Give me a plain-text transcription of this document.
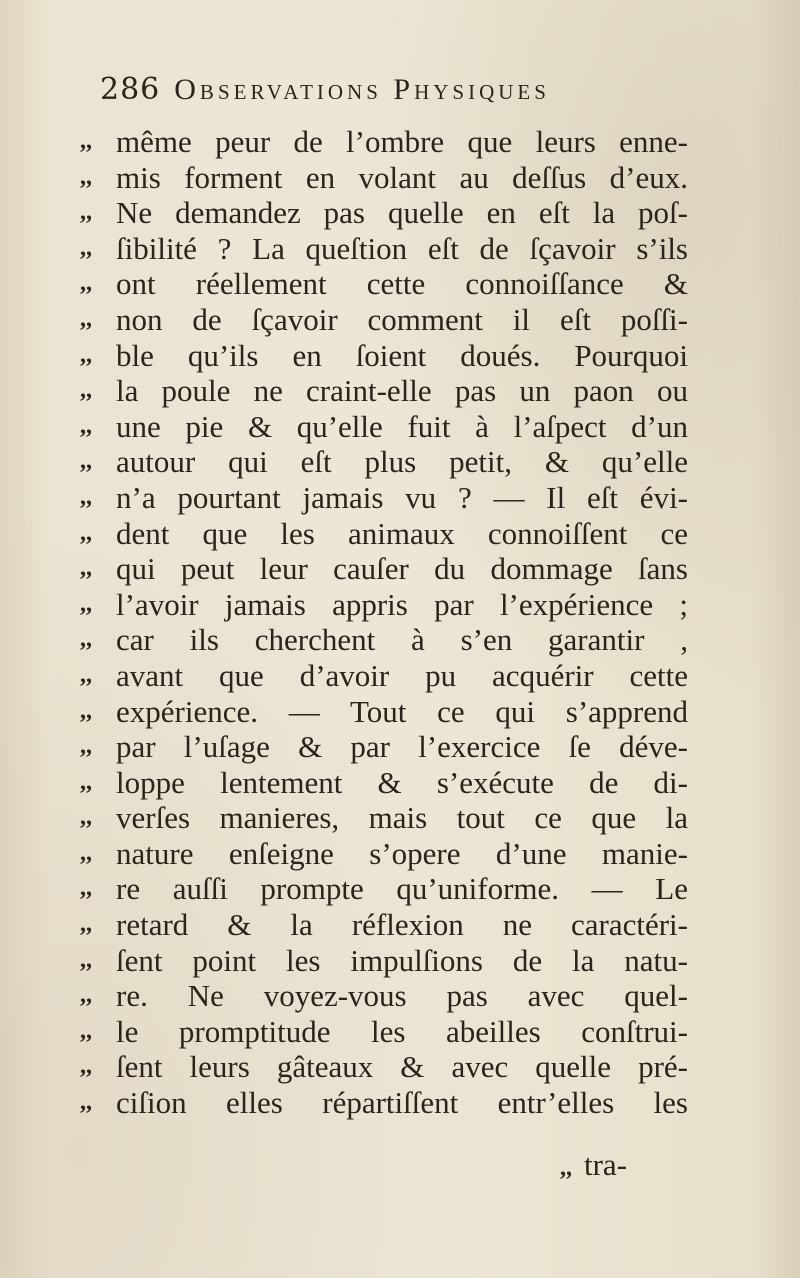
286 Observations Physiques
,, même peur de l’ombre que leurs enne-
,, mis forment en volant au deſſus d’eux.
,, Ne demandez pas quelle en eſt la poſ-
,, ſibilité ? La queſtion eſt de ſçavoir s’ils
,, ont réellement cette connoiſſance &
,, non de ſçavoir comment il eſt poſſi-
,, ble qu’ils en ſoient doués. Pourquoi
,, la poule ne craint-elle pas un paon ou
,, une pie & qu’elle fuit à l’aſpect d’un
,, autour qui eſt plus petit, & qu’elle
,, n’a pourtant jamais vu ? — Il eſt évi-
,, dent que les animaux connoiſſent ce
,, qui peut leur cauſer du dommage ſans
,, l’avoir jamais appris par l’expérience ;
,, car ils cherchent à s’en garantir ,
,, avant que d’avoir pu acquérir cette
,, expérience. — Tout ce qui s’apprend
,, par l’uſage & par l’exercice ſe déve-
,, loppe lentement & s’exécute de di-
,, verſes manieres, mais tout ce que la
,, nature enſeigne s’opere d’une manie-
,, re auſſi prompte qu’uniforme. — Le
,, retard & la réflexion ne caractéri-
,, ſent point les impulſions de la natu-
,, re. Ne voyez-vous pas avec quel-
,, le promptitude les abeilles conſtrui-
,, ſent leurs gâteaux & avec quelle pré-
,, ciſion elles répartiſſent entr’elles les
,, tra-
